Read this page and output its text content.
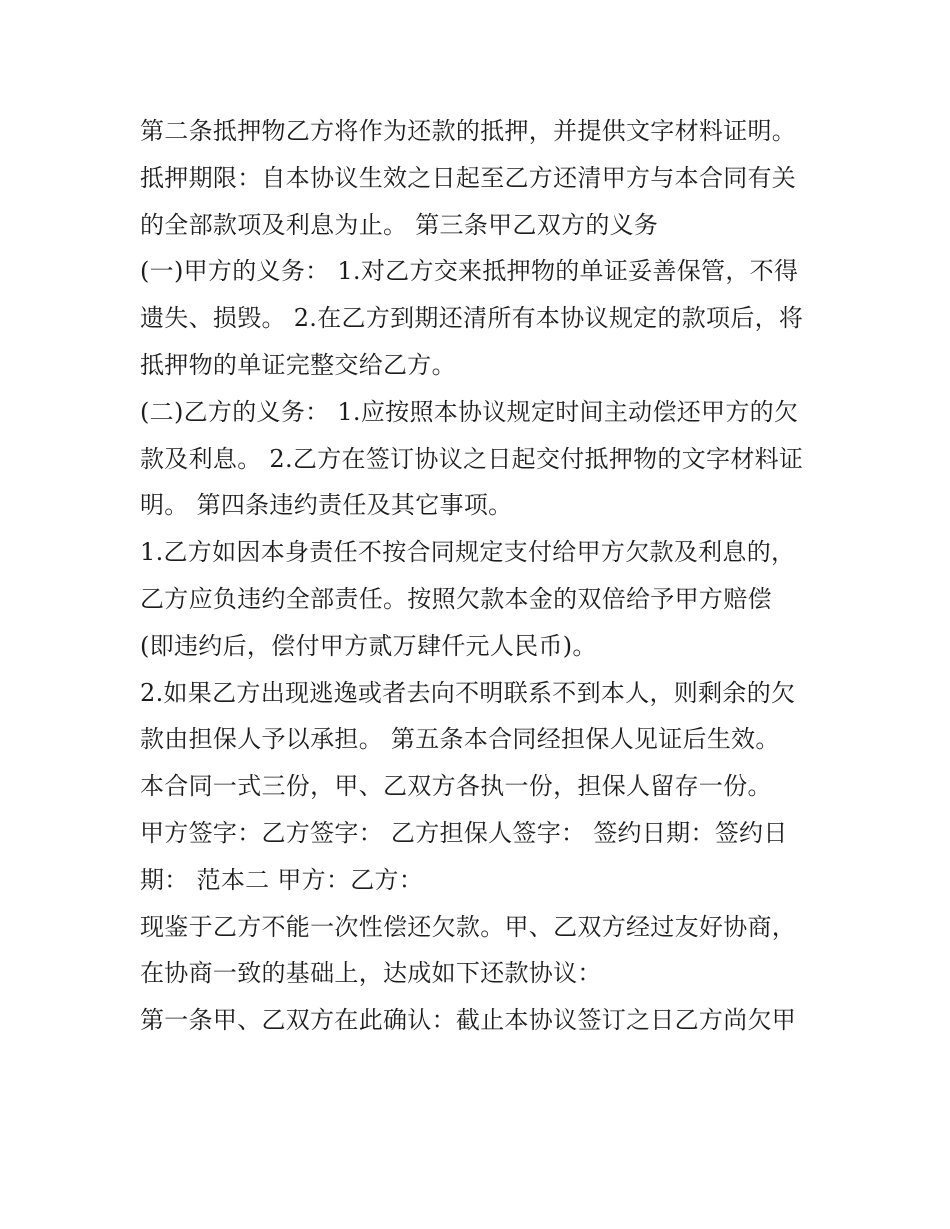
第二条抵押物乙方将作为还款的抵押，并提供文字材料证明。
抵押期限：自本协议生效之日起至乙方还清甲方与本合同有关
的全部款项及利息为止。 第三条甲乙双方的义务
(一)甲方的义务： 1.对乙方交来抵押物的单证妥善保管，不得
遗失、损毁。 2.在乙方到期还清所有本协议规定的款项后，将
抵押物的单证完整交给乙方。
(二)乙方的义务： 1.应按照本协议规定时间主动偿还甲方的欠
款及利息。 2.乙方在签订协议之日起交付抵押物的文字材料证
明。 第四条违约责任及其它事项。
1.乙方如因本身责任不按合同规定支付给甲方欠款及利息的，
乙方应负违约全部责任。按照欠款本金的双倍给予甲方赔偿
(即违约后，偿付甲方贰万肆仟元人民币)。
2.如果乙方出现逃逸或者去向不明联系不到本人，则剩余的欠
款由担保人予以承担。 第五条本合同经担保人见证后生效。
本合同一式三份，甲、乙双方各执一份，担保人留存一份。
甲方签字：乙方签字： 乙方担保人签字： 签约日期：签约日
期： 范本二 甲方：乙方：
现鉴于乙方不能一次性偿还欠款。甲、乙双方经过友好协商，
在协商一致的基础上，达成如下还款协议：
第一条甲、乙双方在此确认：截止本协议签订之日乙方尚欠甲
